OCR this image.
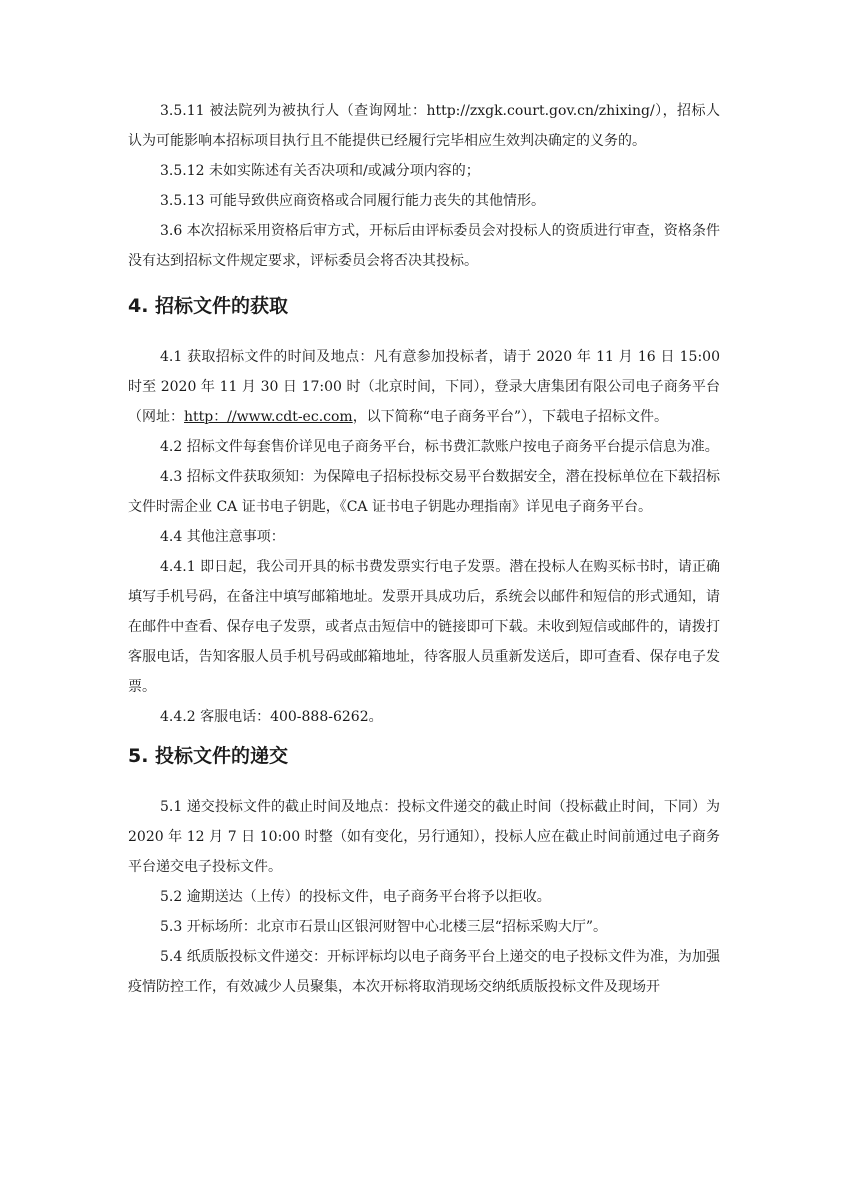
3.5.11 被法院列为被执行人（查询网址：http://zxgk.court.gov.cn/zhixing/），招标人认为可能影响本招标项目执行且不能提供已经履行完毕相应生效判决确定的义务的。

3.5.12 未如实陈述有关否决项和/或减分项内容的；

3.5.13 可能导致供应商资格或合同履行能力丧失的其他情形。

3.6 本次招标采用资格后审方式，开标后由评标委员会对投标人的资质进行审查，资格条件没有达到招标文件规定要求，评标委员会将否决其投标。

4. 招标文件的获取

4.1 获取招标文件的时间及地点：凡有意参加投标者，请于 2020 年 11 月 16 日 15:00 时至 2020 年 11 月 30 日 17:00 时（北京时间，下同），登录大唐集团有限公司电子商务平台（网址：http：//www.cdt-ec.com，以下简称“电子商务平台”），下载电子招标文件。

4.2 招标文件每套售价详见电子商务平台，标书费汇款账户按电子商务平台提示信息为准。

4.3 招标文件获取须知：为保障电子招标投标交易平台数据安全，潜在投标单位在下载招标文件时需企业 CA 证书电子钥匙，《CA 证书电子钥匙办理指南》详见电子商务平台。

4.4 其他注意事项：

4.4.1 即日起，我公司开具的标书费发票实行电子发票。潜在投标人在购买标书时，请正确填写手机号码，在备注中填写邮箱地址。发票开具成功后，系统会以邮件和短信的形式通知，请在邮件中查看、保存电子发票，或者点击短信中的链接即可下载。未收到短信或邮件的，请拨打客服电话，告知客服人员手机号码或邮箱地址，待客服人员重新发送后，即可查看、保存电子发票。

4.4.2 客服电话：400-888-6262。

5. 投标文件的递交

5.1 递交投标文件的截止时间及地点：投标文件递交的截止时间（投标截止时间，下同）为 2020 年 12 月 7 日 10:00 时整（如有变化，另行通知），投标人应在截止时间前通过电子商务平台递交电子投标文件。

5.2 逾期送达（上传）的投标文件，电子商务平台将予以拒收。

5.3 开标场所：北京市石景山区银河财智中心北楼三层“招标采购大厅”。

5.4 纸质版投标文件递交：开标评标均以电子商务平台上递交的电子投标文件为准，为加强疫情防控工作，有效减少人员聚集，本次开标将取消现场交纳纸质版投标文件及现场开
